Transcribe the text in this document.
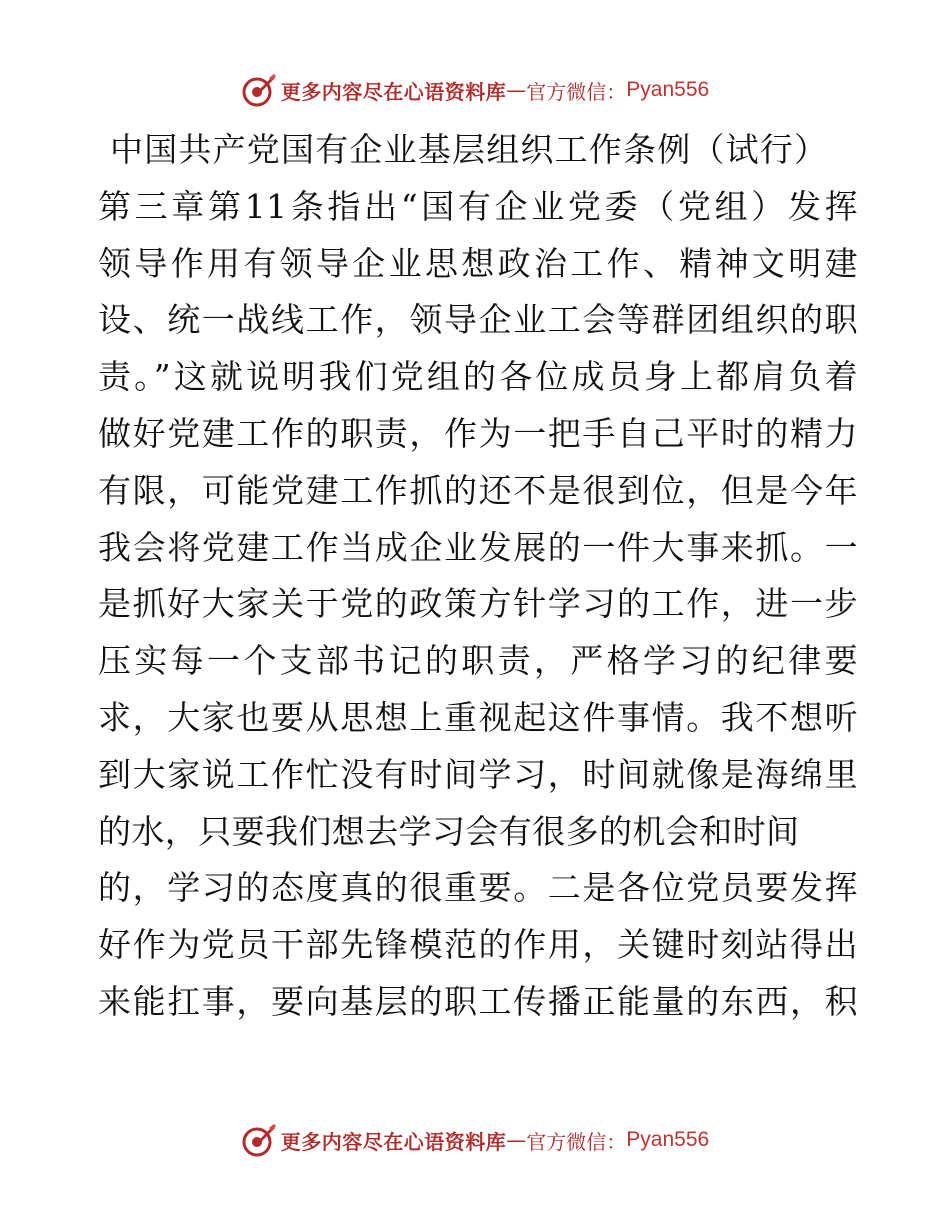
更多内容尽在心语资料库 — 官方微信： Pyan556
中国共产党国有企业基层组织工作条例（试行）
第三章第11条指出“国有企业党委（党组）发挥
领导作用有领导企业思想政治工作、精神文明建
设、统一战线工作，领导企业工会等群团组织的职
责。”这就说明我们党组的各位成员身上都肩负着
做好党建工作的职责，作为一把手自己平时的精力
有限，可能党建工作抓的还不是很到位，但是今年
我会将党建工作当成企业发展的一件大事来抓。一
是抓好大家关于党的政策方针学习的工作，进一步
压实每一个支部书记的职责，严格学习的纪律要
求，大家也要从思想上重视起这件事情。我不想听
到大家说工作忙没有时间学习，时间就像是海绵里
的水，只要我们想去学习会有很多的机会和时间
的，学习的态度真的很重要。二是各位党员要发挥
好作为党员干部先锋模范的作用，关键时刻站得出
来能扛事，要向基层的职工传播正能量的东西，积
更多内容尽在心语资料库 — 官方微信： Pyan556
